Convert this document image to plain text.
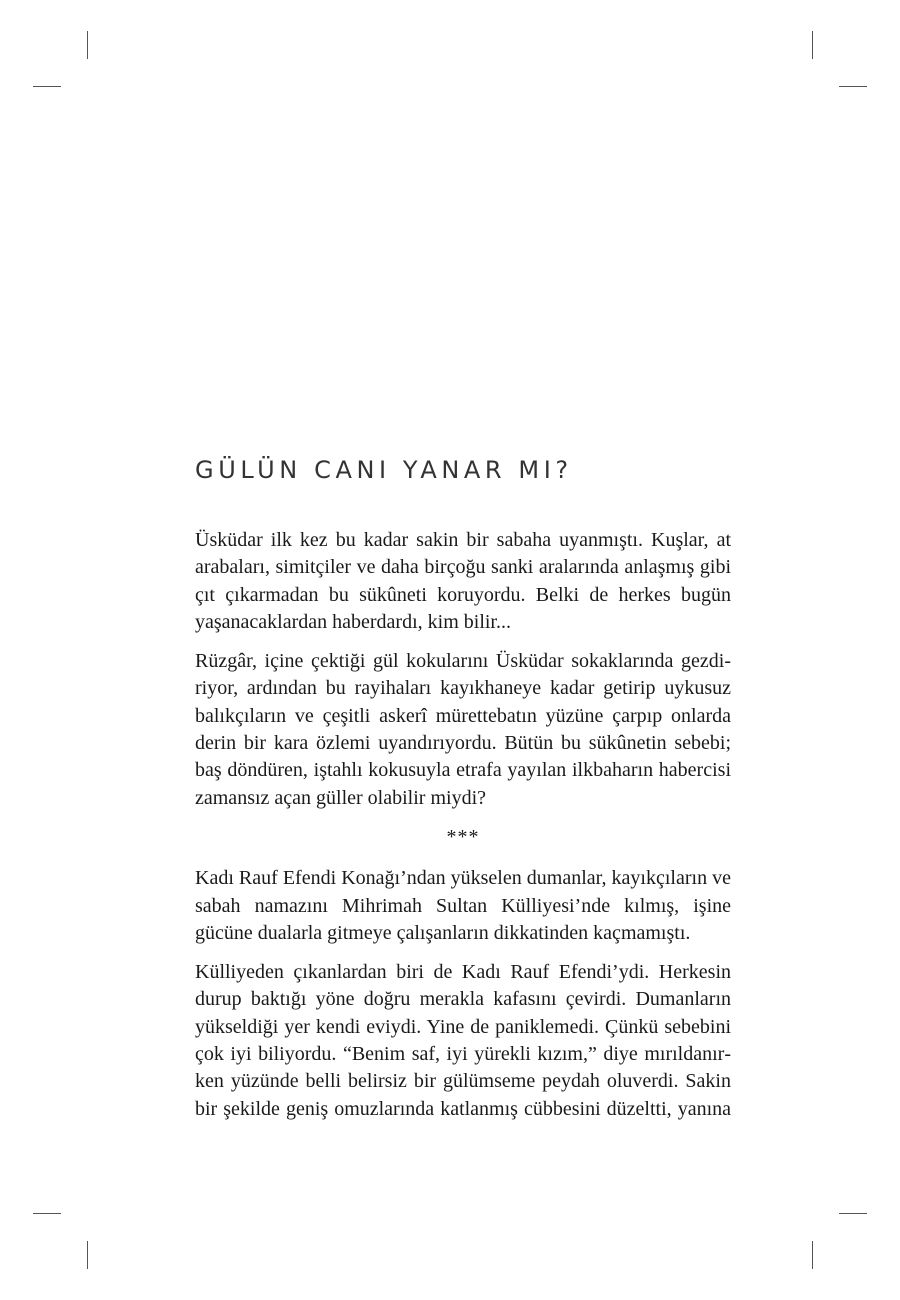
GÜLÜN CANI YANAR MI?

Üsküdar ilk kez bu kadar sakin bir sabaha uyanmıştı. Kuşlar, at arabaları, simitçiler ve daha birçoğu sanki aralarında anlaşmış gibi çıt çıkarmadan bu sükûneti koruyordu. Belki de herkes bugün yaşanacaklardan haberdardı, kim bilir...

Rüzgâr, içine çektiği gül kokularını Üsküdar sokaklarında gezdiriyor, ardından bu rayihaları kayıkhaneye kadar getirip uykusuz balıkçıların ve çeşitli askerî mürettebatın yüzüne çarpıp onlarda derin bir kara özlemi uyandırıyordu. Bütün bu sükûnetin sebebi; baş döndüren, iştahlı kokusuyla etrafa yayılan ilkbaharın habercisi zamansız açan güller olabilir miydi?

***

Kadı Rauf Efendi Konağı’ndan yükselen dumanlar, kayıkçıların ve sabah namazını Mihrimah Sultan Külliyesi’nde kılmış, işine gücüne dualarla gitmeye çalışanların dikkatinden kaçmamıştı.

Külliyeden çıkanlardan biri de Kadı Rauf Efendi’ydi. Herkesin durup baktığı yöne doğru merakla kafasını çevirdi. Dumanların yükseldiği yer kendi eviydi. Yine de paniklemedi. Çünkü sebebini çok iyi biliyordu. “Benim saf, iyi yürekli kızım,” diye mırıldanırken yüzünde belli belirsiz bir gülümseme peydah oluverdi. Sakin bir şekilde geniş omuzlarında katlanmış cübbesini düzeltti, yanına
